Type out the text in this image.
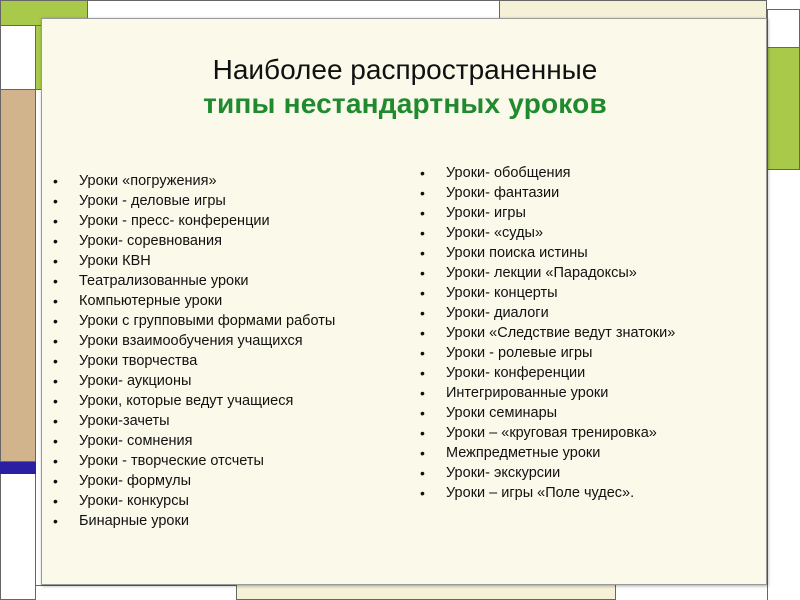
Наиболее распространенные
типы нестандартных уроков
• Уроки «погружения»
• Уроки - деловые игры
• Уроки - пресс- конференции
• Уроки- соревнования
• Уроки КВН
• Театрализованные уроки
• Компьютерные уроки
• Уроки с групповыми формами работы
• Уроки взаимообучения учащихся
• Уроки творчества
• Уроки- аукционы
• Уроки, которые ведут учащиеся
• Уроки-зачеты
• Уроки- сомнения
• Уроки - творческие отсчеты
• Уроки- формулы
• Уроки- конкурсы
• Бинарные уроки
• Уроки- обобщения
• Уроки- фантазии
• Уроки- игры
• Уроки- «суды»
• Уроки поиска истины
• Уроки- лекции «Парадоксы»
• Уроки- концерты
• Уроки- диалоги
• Уроки «Следствие ведут знатоки»
• Уроки - ролевые игры
• Уроки- конференции
• Интегрированные уроки
• Уроки семинары
• Уроки – «круговая тренировка»
• Межпредметные уроки
• Уроки- экскурсии
• Уроки – игры «Поле чудес».
